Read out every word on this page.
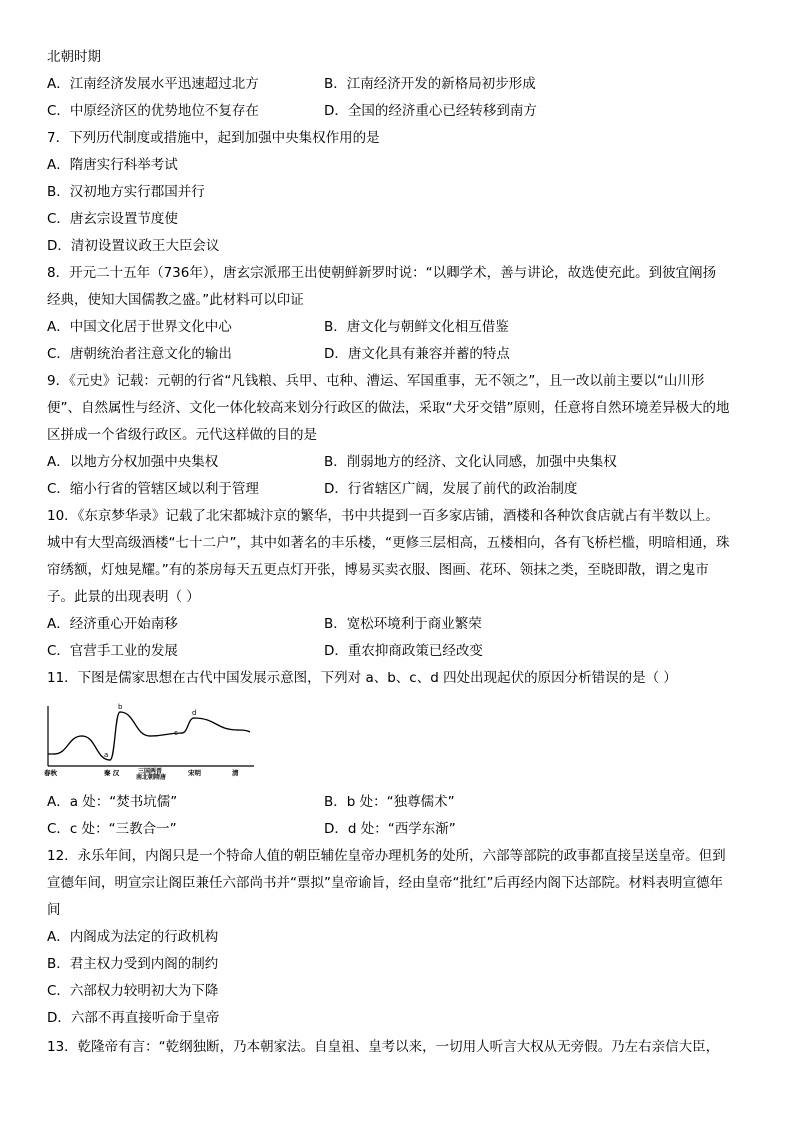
北朝时期
A．江南经济发展水平迅速超过北方	B．江南经济开发的新格局初步形成
C．中原经济区的优势地位不复存在	D．全国的经济重心已经转移到南方
7．下列历代制度或措施中，起到加强中央集权作用的是
A．隋唐实行科举考试
B．汉初地方实行郡国并行
C．唐玄宗设置节度使
D．清初设置议政王大臣会议
8．开元二十五年（736年），唐玄宗派邢王出使朝鲜新罗时说：“以卿学术，善与讲论，故选使充此。到彼宜阐扬
经典，使知大国儒教之盛。”此材料可以印证
A．中国文化居于世界文化中心	B．唐文化与朝鲜文化相互借鉴
C．唐朝统治者注意文化的输出	D．唐文化具有兼容并蓄的特点
9．《元史》记载：元朝的行省“凡钱粮、兵甲、屯种、漕运、军国重事，无不领之”，且一改以前主要以“山川形
便”、自然属性与经济、文化一体化较高来划分行政区的做法，采取“犬牙交错”原则，任意将自然环境差异极大的地
区拼成一个省级行政区。元代这样做的目的是
A．以地方分权加强中央集权	B．削弱地方的经济、文化认同感，加强中央集权
C．缩小行省的管辖区域以利于管理	D．行省辖区广阔，发展了前代的政治制度
10．《东京梦华录》记载了北宋都城汴京的繁华，书中共提到一百多家店铺，酒楼和各种饮食店就占有半数以上。
城中有大型高级酒楼“七十二户”，其中如著名的丰乐楼，“更修三层相高，五楼相向，各有飞桥栏槛，明暗相通，珠
帘绣额，灯烛晃耀。”有的茶房每天五更点灯开张，博易买卖衣服、图画、花环、领抹之类，至晓即散，谓之鬼市
子。此景的出现表明（ ）
A．经济重心开始南移	B．宽松环境利于商业繁荣
C．官营手工业的发展	D．重农抑商政策已经改变
11．下图是儒家思想在古代中国发展示意图，下列对 a、b、c、d 四处出现起伏的原因分析错误的是（ ）
a
b
c
d
春秋	秦 汉	三国两晋
南北朝隋唐
宋明	清
A．a 处：“焚书坑儒”	B．b 处：“独尊儒术”
C．c 处：“三教合一”	D．d 处：“西学东渐”
12．永乐年间，内阁只是一个特命人值的朝臣辅佐皇帝办理机务的处所，六部等部院的政事都直接呈送皇帝。但到
宣德年间，明宣宗让阁臣兼任六部尚书并“票拟”皇帝谕旨，经由皇帝“批红”后再经内阁下达部院。材料表明宣德年
间
A．内阁成为法定的行政机构
B．君主权力受到内阁的制约
C．六部权力较明初大为下降
D．六部不再直接听命于皇帝
13．乾隆帝有言：“乾纲独断，乃本朝家法。自皇祖、皇考以来，一切用人听言大权从无旁假。乃左右亲信大臣，
